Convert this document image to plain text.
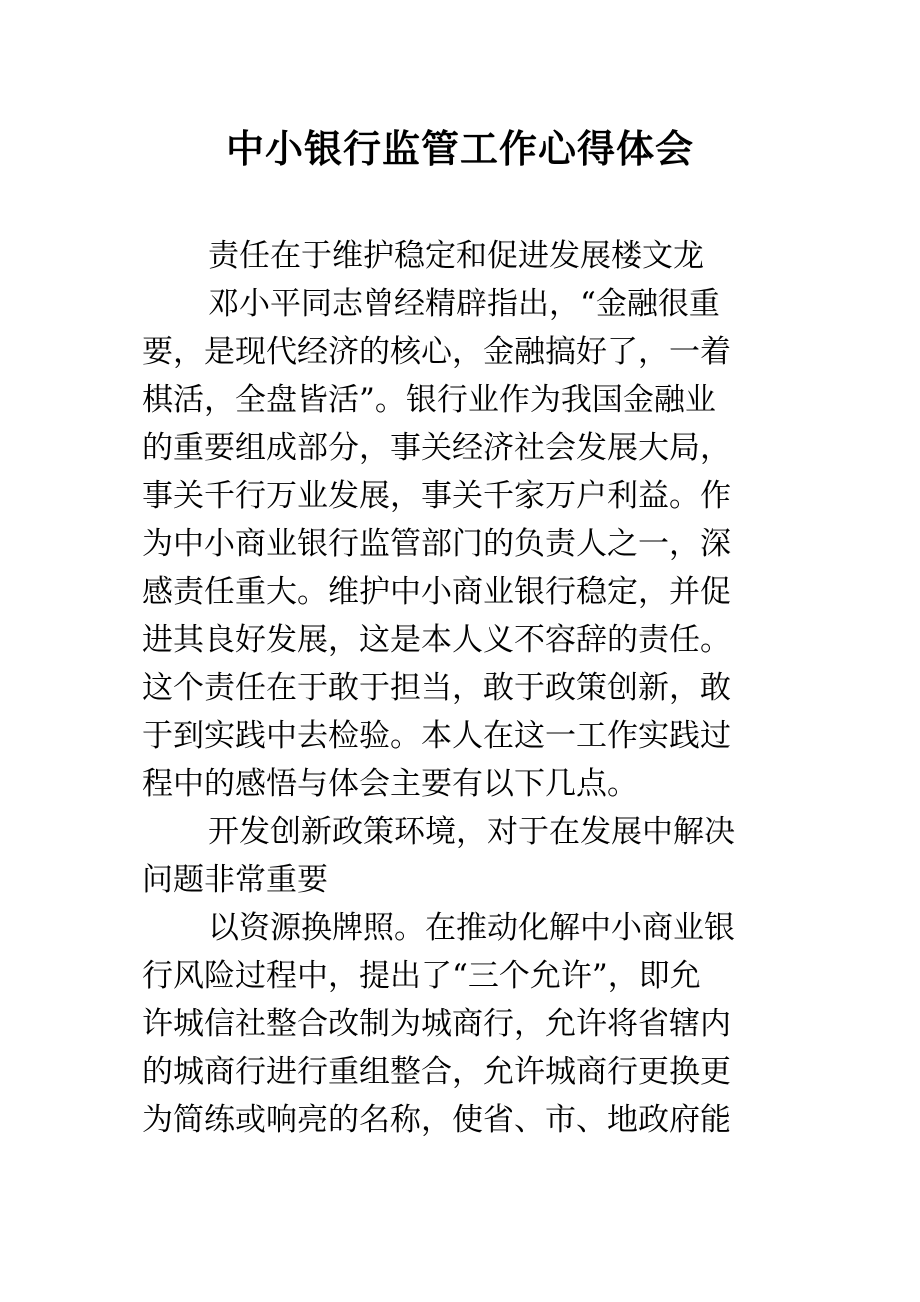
中小银行监管工作心得体会
责任在于维护稳定和促进发展楼文龙
邓小平同志曾经精辟指出，“金融很重
要，是现代经济的核心，金融搞好了，一着
棋活，全盘皆活”。银行业作为我国金融业
的重要组成部分，事关经济社会发展大局，
事关千行万业发展，事关千家万户利益。作
为中小商业银行监管部门的负责人之一，深
感责任重大。维护中小商业银行稳定，并促
进其良好发展，这是本人义不容辞的责任。
这个责任在于敢于担当，敢于政策创新，敢
于到实践中去检验。本人在这一工作实践过
程中的感悟与体会主要有以下几点。
开发创新政策环境，对于在发展中解决
问题非常重要
以资源换牌照。在推动化解中小商业银
行风险过程中，提出了“三个允许”，即允
许城信社整合改制为城商行，允许将省辖内
的城商行进行重组整合，允许城商行更换更
为简练或响亮的名称，使省、市、地政府能
